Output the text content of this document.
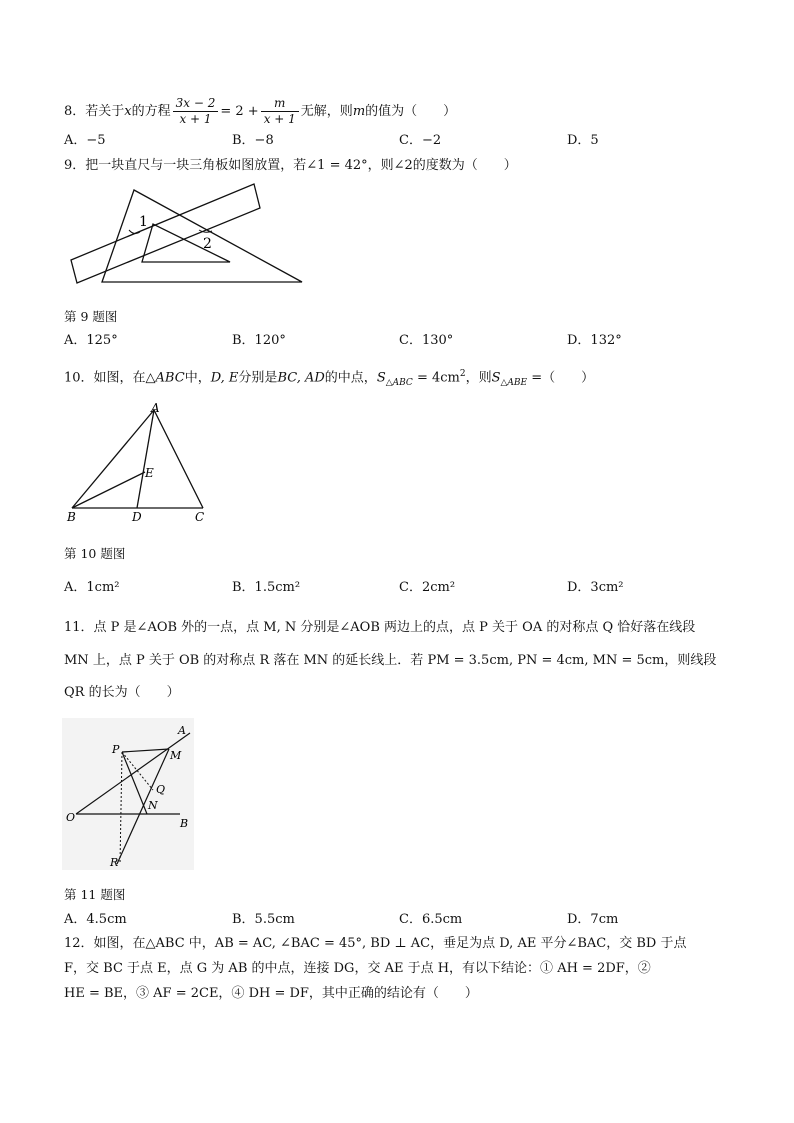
8．若关于x的方程 $\frac{3x - 2}{x + 1} = 2 + \frac{m}{x + 1}$ 无解，则m的值为（　　）
A．−5	B．−8	C．−2	D．5
9．把一块直尺与一块三角板如图放置，若∠1 = 42°，则∠2的度数为（　　）
1
2
第 9 题图
A．125°	B．120°	C．130°	D．132°
10．如图，在△ABC中，D, E分别是BC, AD的中点，$S_{\triangle ABC} = 4cm^2$，则$S_{\triangle ABE}$ =（　　）
A
B	C
D
E
第 10 题图
A．1cm²	B．1.5cm²	C．2cm²	D．3cm²
11．点 P 是∠AOB 外的一点，点 M, N 分别是∠AOB 两边上的点，点 P 关于 OA 的对称点 Q 恰好落在线段
MN 上，点 P 关于 OB 的对称点 R 落在 MN 的延长线上．若 PM = 3.5cm, PN = 4cm, MN = 5cm，则线段
QR 的长为（　　）
P
A
M
Q
N
O	B
R
第 11 题图
A．4.5cm	B．5.5cm	C．6.5cm	D．7cm
12．如图，在△ABC 中，AB = AC, ∠BAC = 45°, BD ⊥ AC，垂足为点 D, AE 平分∠BAC，交 BD 于点
F，交 BC 于点 E，点 G 为 AB 的中点，连接 DG，交 AE 于点 H，有以下结论：① AH = 2DF，②
HE = BE，③ AF = 2CE，④ DH = DF，其中正确的结论有（　　）
